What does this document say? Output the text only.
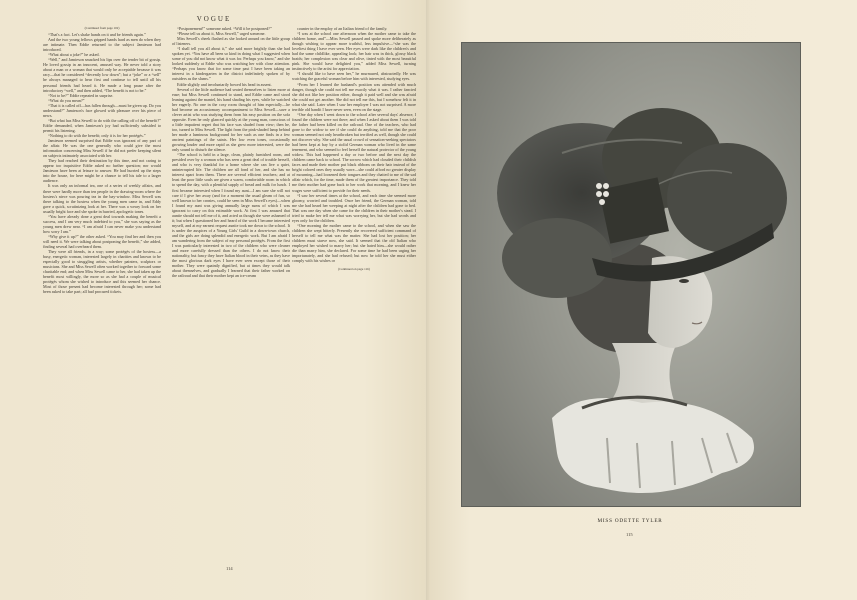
VOGUE

(Continued from page 102)

“That's a fact. Let's shake hands on it and be friends again.”

And the two young fellows gripped hands hard as men do when they are intimate. Then Eddie returned to the subject Jamieson had introduced.

“What about a joke?” he asked.

“Well,” and Jamieson smacked his lips over the tender bit of gossip. He loved gossip in an innocent, amused way. He never told a story about a man or a woman that would only be acceptable because it was racy—that he considered “decently low down”; but a “joke” or a “sell” he always managed to hear first and continue to tell until all his personal friends had heard it. He made a long pause after the introductory “well,” and then added, “The benefit is not to be.”

“Not to be?” Eddie repeated in surprise.

“What do you mean?”

“That it is called off—has fallen through—must be given up. Do you understand?” Jamieson's face glowed with pleasure over his piece of news.

“But what has Miss Sewell to do with the calling off of the benefit?” Eddie demanded, when Jamieson's joy had sufficiently subsided to permit his listening.

“Nothing to do with the benefit; only it is for her protégés.”

Jamieson seemed surprised that Eddie was ignorant of any part of the affair. He was the one generally who could give the most information concerning Miss Sewell if he did not prefer keeping silent on subjects intimately associated with her.

They had reached their destination by this time, and not caring to appear too inquisitive Eddie asked no further question; nor would Jamieson have been at leisure to answer. He had hurried up the steps into the house, for here might be a chance to tell his tale to a larger audience.

It was only an informal tea, one of a series of weekly affairs, and there were hardly more than ten people in the drawing-room where the hostess's niece was pouring tea in the bay-window. Miss Sewell was there talking to the hostess when the young men came in, and Eddy gave a quick, scrutinizing look at her. There was a weary look on her usually bright face and she spoke in hurried, apologetic tones.

“You have already done a great deal towards making the benefit a success, and I am very much indebted to you,” she was saying as the young men drew near. “I am afraid I can never make you understand how sorry I am.”

“Why give it up?” the other asked. “You may find her and then you will need it. We were talking about postponing the benefit,” she added, finding several had overheard them.

They were all friends, in a way; some protégés of the hostess—a busy, energetic woman, interested largely in charities and known to be especially good to struggling artists, whether painters, sculptors or musicians. She and Miss Sewell often worked together to forward some charitable end; and when Miss Sewell came to her, she had taken up the benefit most willingly, the more so as she had a couple of musical protégés whom she wished to introduce and this seemed her chance. Most of those present had become interested through her; some had been asked to take part; all had procured tickets.

“Postponement!” someone asked. “Will it be postponed?”

“Please tell us about it, Miss Sewell,” urged someone.

Miss Sewell's cheek flushed as she looked around on the little group of listeners.

“I shall tell you all about it,” she said more brightly than she had spoken yet. “You have all been so kind in doing what I suggested when some of you did not know what it was for. Perhaps you know,” and she looked suddenly at Eddie who was watching her with close attention. “Perhaps you know that for some time past I have been taking an interest in a kindergarten in the district indefinitely spoken of by outsiders as the slums.”

Eddie slightly and involuntarily bowed his head in assent.

Several of the little audience had seated themselves to listen more at ease; but Miss Sewell continued to stand, and Eddie came and stood leaning against the mantel, his hand shading his eyes, while he watched her eagerly. No one in the cosy room thought of him especially—he had become an accustomary accompaniment to Miss Sewell—save a clever artist who was studying them from his easy position on the sofa opposite. Even he only glanced quickly at the young man, conscious of a little impatient regret that his face was shaded from view; then he, too, turned to Miss Sewell. The light from the pink-shaded lamp behind her made a luminous background for her such as one finds in a few ancient paintings of the saints. Her low even tones, occasionally growing louder and more rapid as she grew more interested, were the only sound to disturb the silence.

“The school is held in a large, clean, plainly furnished room, and presided over by a woman who has seen a great deal of trouble herself, and who is very thankful for a home where she can live a quiet, uninterrupted life. The children are all fond of her, and she has no interest apart from them. There are several efficient teachers; and at least the poor little souls are given a warm, comfortable room in which to spend the day, with a plentiful supply of bread and milk for lunch. I first became interested when I found my aunt—I am sure she will not care if I give her away (and for a moment the usual gleam of fun, so well known to her cronies, could be seen in Miss Sewell's eyes)—when I found my aunt was giving annually large sums of which I was ignorant to carry on this estimable work. At first I was amused that auntie should not tell me of it, and acted as though she were ashamed of it; but when I questioned her and heard of the work I became interested myself, and at my earnest request auntie took me down to the school. It is under the auspices of a Young Girls' Guild in a down-town church, and the girls are doing splendid and energetic work. But I am afraid I am wandering from the subject of my personal protégés. From the first I was particularly interested in two of the children who were cleaner and more carefully dressed than the others. I do not know their nationality, but fancy they have Italian blood in their veins, as they have the most glorious dark eyes I have ever seen except those of their mother. They were quaintly dignified, but at times they would talk about themselves, and gradually I learned that their father worked on the railroad and that their mother kept an ice-cream

counter in the employ of an Italian friend of the family.

“I was at the school one afternoon when the mother came to take the children home, and”—Miss Sewell paused and spoke more deliberately as though wishing to appear more truthful, less impulsive—“she was the loveliest thing I have ever seen. Her eyes were dark like the children's and had the same childlike, appealing look; her hair was in thick, glossy black braids; her complexion was clear and olive, tinted with the most beautiful pink. She would have delighted you,” added Miss Sewell, turning instinctively to the artist for appreciation.

“I should like to have seen her,” he murmured, abstractedly. He was watching the graceful woman before him with interested, studying eyes.

“From her I learned the husband's position was attended with much danger, though she could not tell me exactly what it was. I rather fancied she did not like her position either, though it paid well and she was afraid she could not get another. She did not tell me this, but I somehow felt it in what she said. Later when I saw her employer I was not surprised. A more terrible old bandit I have never seen, even on the stage.

“One day when I went down to the school after several days' absence, I found the children were not there; and when I asked about them I was told the father had been killed on the railroad. One of the teachers, who had gone to the widow to see if she could do anything, told me that the poor woman seemed not only heartbroken but terrified as well, though she could not discover why. She said the usual crowd of sensation-seeking spectators had been kept at bay by a stolid German woman who lived in the same tenement, and who seemed to feel herself the natural protector of the young widow. This had happened a day or two before and the next day the children came back to school. The sorrow which had clouded their childish faces and made their mother put black ribbons on their hair instead of the bright colored ones they usually wore—she could afford no greater display of mourning—had loosened their tongues and they chatted to me of the sad affair which, for the time, made them of the greatest importance. They told me their mother had gone back to her work that morning, and I knew her wages were sufficient to provide for their needs.

“I saw her several times at the school, and each time she seemed more gloomy, worried and troubled. Once her friend, the German woman, told me she had heard her weeping at night after the children had gone to bed. That was one day when she came for the children in their mother's stead. I tried to make her tell me what was worrying her, but she had words and eyes only for the children.

“One morning the mother came to the school, and when she saw the children she wept bitterly. Presently she recovered sufficient command of herself to tell me what was the matter. She had lost her position; her children must starve now, she said. It seemed that the old Italian who employed her wished to marry her; but she hated him—she would rather die than marry him, she declared. For some time he had been urging her importunately, and she had refused; but now he told her she must either comply with his wishes or

(Continued on page 116)

114
MISS ODETTE TYLER
115
